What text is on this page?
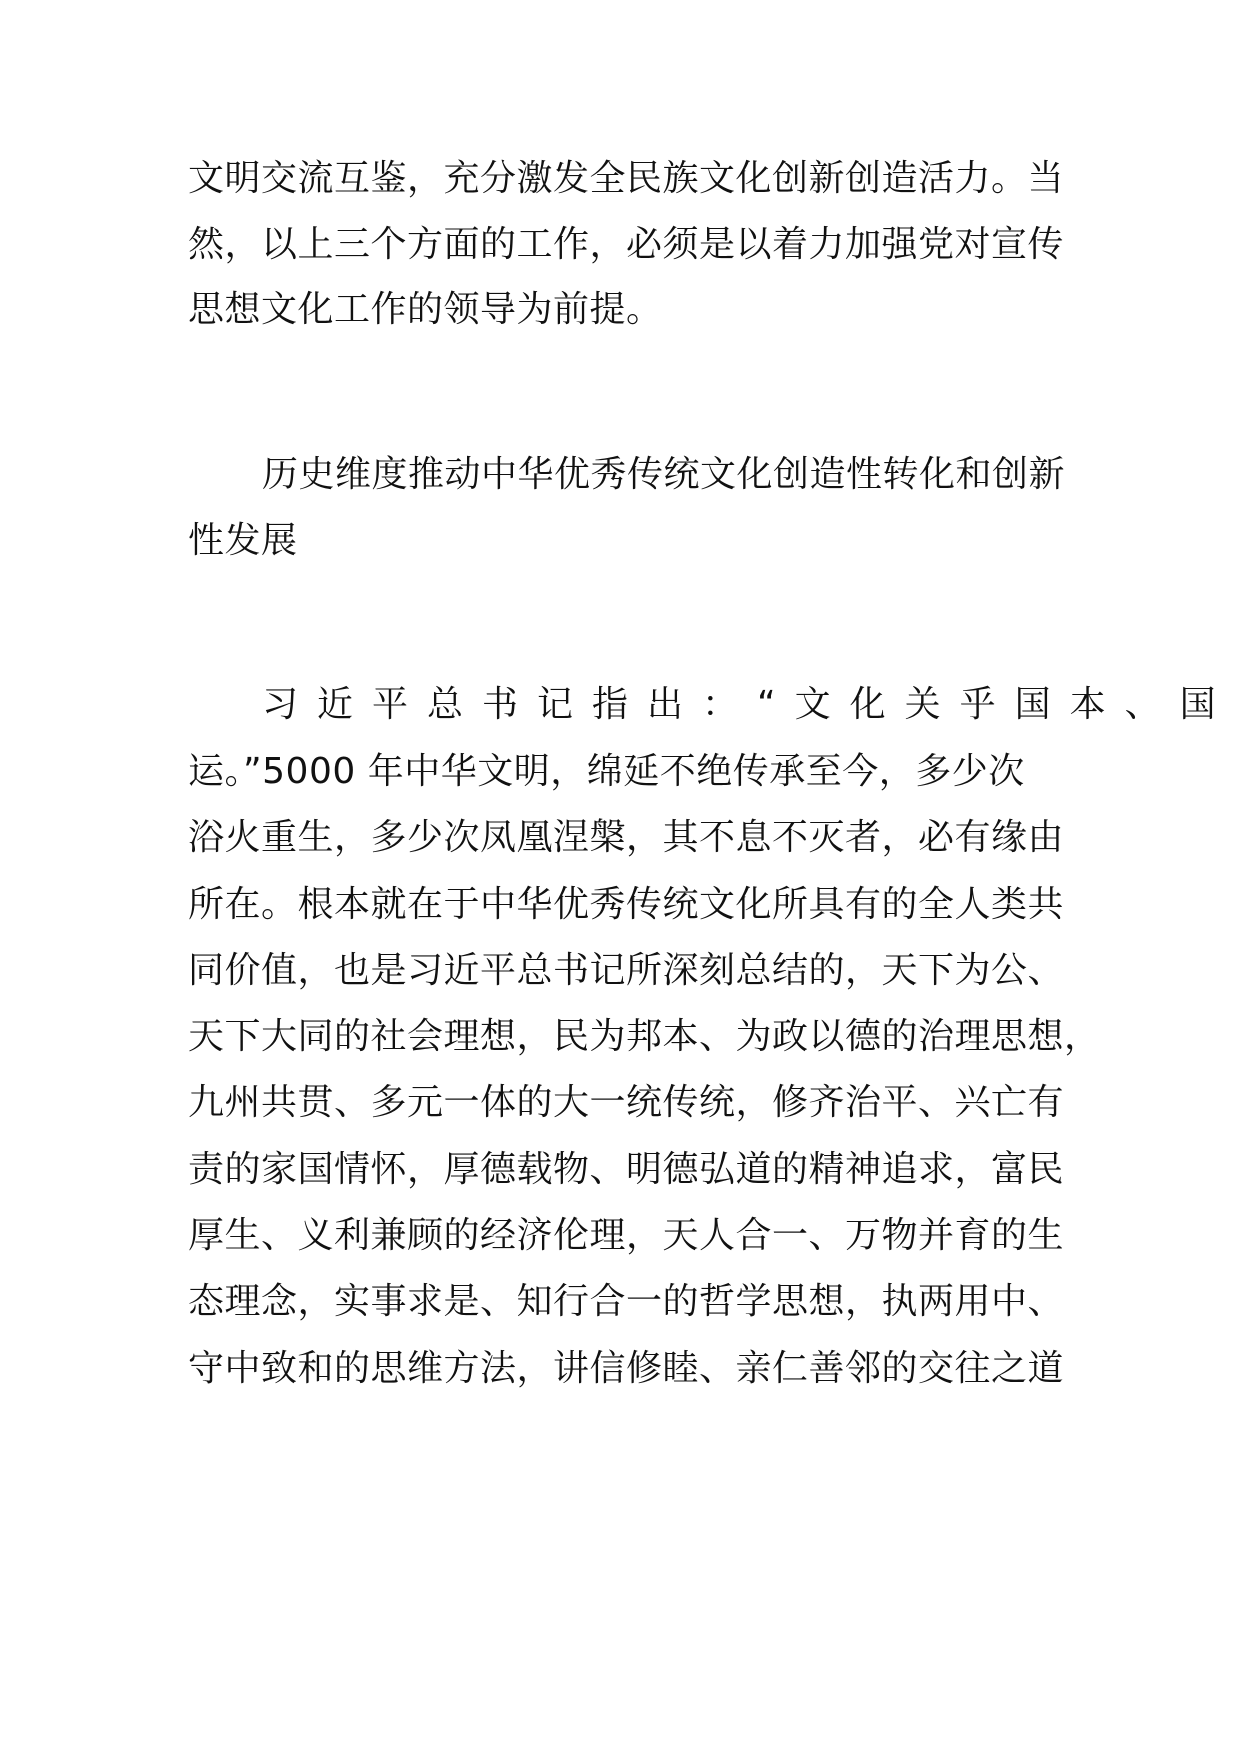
文明交流互鉴，充分激发全民族文化创新创造活力。当
然，以上三个方面的工作，必须是以着力加强党对宣传
思想文化工作的领导为前提。
历史维度推动中华优秀传统文化创造性转化和创新
性发展
习近平总书记指出：“文化关乎国本、国
运。”5000 年中华文明，绵延不绝传承至今，多少次
浴火重生，多少次凤凰涅槃，其不息不灭者，必有缘由
所在。根本就在于中华优秀传统文化所具有的全人类共
同价值，也是习近平总书记所深刻总结的，天下为公、
天下大同的社会理想，民为邦本、为政以德的治理思想，
九州共贯、多元一体的大一统传统，修齐治平、兴亡有
责的家国情怀，厚德载物、明德弘道的精神追求，富民
厚生、义利兼顾的经济伦理，天人合一、万物并育的生
态理念，实事求是、知行合一的哲学思想，执两用中、
守中致和的思维方法，讲信修睦、亲仁善邻的交往之道
